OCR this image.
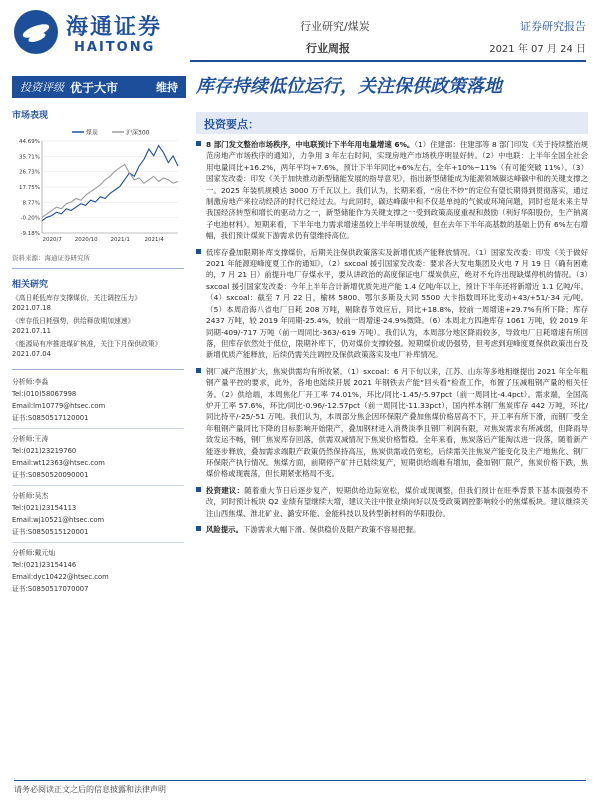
海通证券
HAITONG
行业研究/煤炭
行业周报
证券研究报告
2021 年 07 月 24 日
投资评级 优于大市	维持 库存持续低位运行，关注保供政策落地
市场表现
煤炭	沪深300
44.69%
35.71%
26.73%
17.75%
8.77%
-0.20%
-9.18%
2020/7 2020/10 2021/1	2021/4
资料来源：海通证券研究所
相关研究
《高日耗低库存支撑煤价，关注调控压力》
2021.07.18
《库存低日耗强势，供给释放期加速速》
2021.07.11
《能源局有序推进煤矿核准，关注下月保供政策》
2021.07.04
分析师:李淼
Tel:(010)58067998
Email:lm10779@htsec.com
证书:S0850517120001
分析师:王涛
Tel:(021)23219760
Email:wt12363@htsec.com
证书:S0850520090001
分析师:吴杰
Tel:(021)23154113
Email:wj10521@htsec.com
证书:S0850515120001
分析师:戴元灿
Tel:(021)23154146
Email:dyc10422@htsec.com
证书:S0850517070007
投资要点：
8 部门发文整治市场秩序，中电联预计下半年用电量增速 6%。（1）住建部：住建部等 8 部门印发《关于持续整治规范房地产市场秩序的通知》，力争用 3 年左右时间，实现房地产市场秩序明显好转。（2）中电联：上半年全国全社会用电量同比+16.2%，两年平均+7.6%，预计下半年同比+6%左右，全年+10%~11%（有可能突破 11%）。（3）国家发改委：印发《关于加快推动新型储能发展的指导意见》，指出新型储能成为能源领域碳达峰碳中和的关键支撑之一。2025 年装机规模达 3000 万千瓦以上。我们认为，长期来看，“房住不炒”的定位有望长期得到贯彻落实，通过制激房地产来拉动经济的时代已经过去。与此同时，碳达峰碳中和不仅是单纯的气候或环境问题，同时也是未来主导我国经济转型和增长的驱动力之一，新型储能作为关键支撑之一受到政策高度重视和鼓励（利好华阳股份，生产钠离子电池材料）。短期来看，下半年电力需求增速虽较上半年明显放缓，但在去年下半年高基数的基础上仍有 6%左右增幅，我们预计煤炭下游需求仍有望维持高位。
低库存叠加限期补库支撑煤价，后期关注保供政策落实及新增优质产能释放情况。（1）国家发改委：印发《关于做好 2021 年能源迎峰度夏工作的通知》。（2）sxcoal 援引国家发改委：要求各大发电集团及火电 7 月 19 日（确有困难的，7 月 21 日）前提升电厂存煤水平，要从讲政治的高度保证电厂煤炭供应，绝对不允许出现缺煤停机的情况。（3）sxcoal 援引国家发改委：今年上半年合计新增优质先进产能 1.4 亿吨/年以上，预计下半年还将新增近 1.1 亿吨/年。（4）sxcoal：截至 7 月 22 日，榆林 5800、鄂尔多斯及大同 5500 大卡指数周环比变动+43/+51/-34 元/吨。（5）本周沿海八省电厂日耗 208 万吨，剔除春节效应后，同比+18.8%，较前一周增速+29.7%有所下降；库存 2437 万吨，较 2019 年同期-25.4%，较前一周增速-24.9%微降。（6）本周北方四港库存 1061 万吨，较 2019 年同期-409/-717 万吨（前一周同比-363/-619 万吨）。我们认为，本周部分地区降雨较多，导致电厂日耗增速有所回落，但库存依然处于低位，限期补库下，仍对煤价支撑较强。短期煤价或仍强势，但考虑到迎峰度夏保供政策出台及新增优质产能释放，后续仍需关注调控及保供政策落实及电厂补库情况。
钢厂减产范围扩大，焦炭供需均有所收紧。（1）sxcoal：6 月下旬以来，江苏、山东等多地相继提出 2021 年全年粗钢产量平控的要求，此外，各地也陆续开展 2021 年钢铁去产能“回头看”检查工作，布置了压减粗钢产量的相关任务。（2）供给端，本周焦化厂开工率 74.01%，环比/同比-1.45/-5.97pct（前一周同比-4.4pct）。需求端，全国高炉开工率 57.6%，环比/同比-0.96/-12.57pct（前一周同比-11.33pct），国内样本钢厂焦炭库存 442 万吨，环比/同比持平/-25/-51 万吨。我们认为，本周部分焦企因环保限产叠加焦煤价格居高不下，开工率有所下滑，而钢厂受全年粗钢产量同比下降的目标影响开始限产，叠加钢材进入消费淡季且钢厂利润有限，对焦炭需求有所减弱，但降雨导致发运不畅，钢厂焦炭库存回落，供需双减情况下焦炭价格暂稳。全年来看，焦炭落后产能淘汰进一段落，随着新产能逐步释放，叠加需求端限产政策仍然保持高压，焦炭供需或仍宽松，后续需关注焦炭产能变化及主产地焦化、钢厂环保限产执行情况。焦煤方面，前期停产矿井已陆续复产，短期供给端难有增加，叠加钢厂限产，焦炭价格下跌，焦煤价格或现震荡，但长期紧张格局不变。
投资建议：随着重大节日后逐步复产，短期供给边际宽松，煤价或现调整，但我们预计在旺季背景下基本面强势不改，同时预计板块 Q2 业绩有望继续大增，建议关注中报业绩向好以及受政策调控影响较小的焦煤板块。建议继续关注山西焦煤、淮北矿业、潞安环能、金能科技以及转型新材料的华阳股份。
风险提示。下游需求大幅下滑、保供稳价及限产政策不容易把握。
请务必阅读正文之后的信息披露和法律声明
